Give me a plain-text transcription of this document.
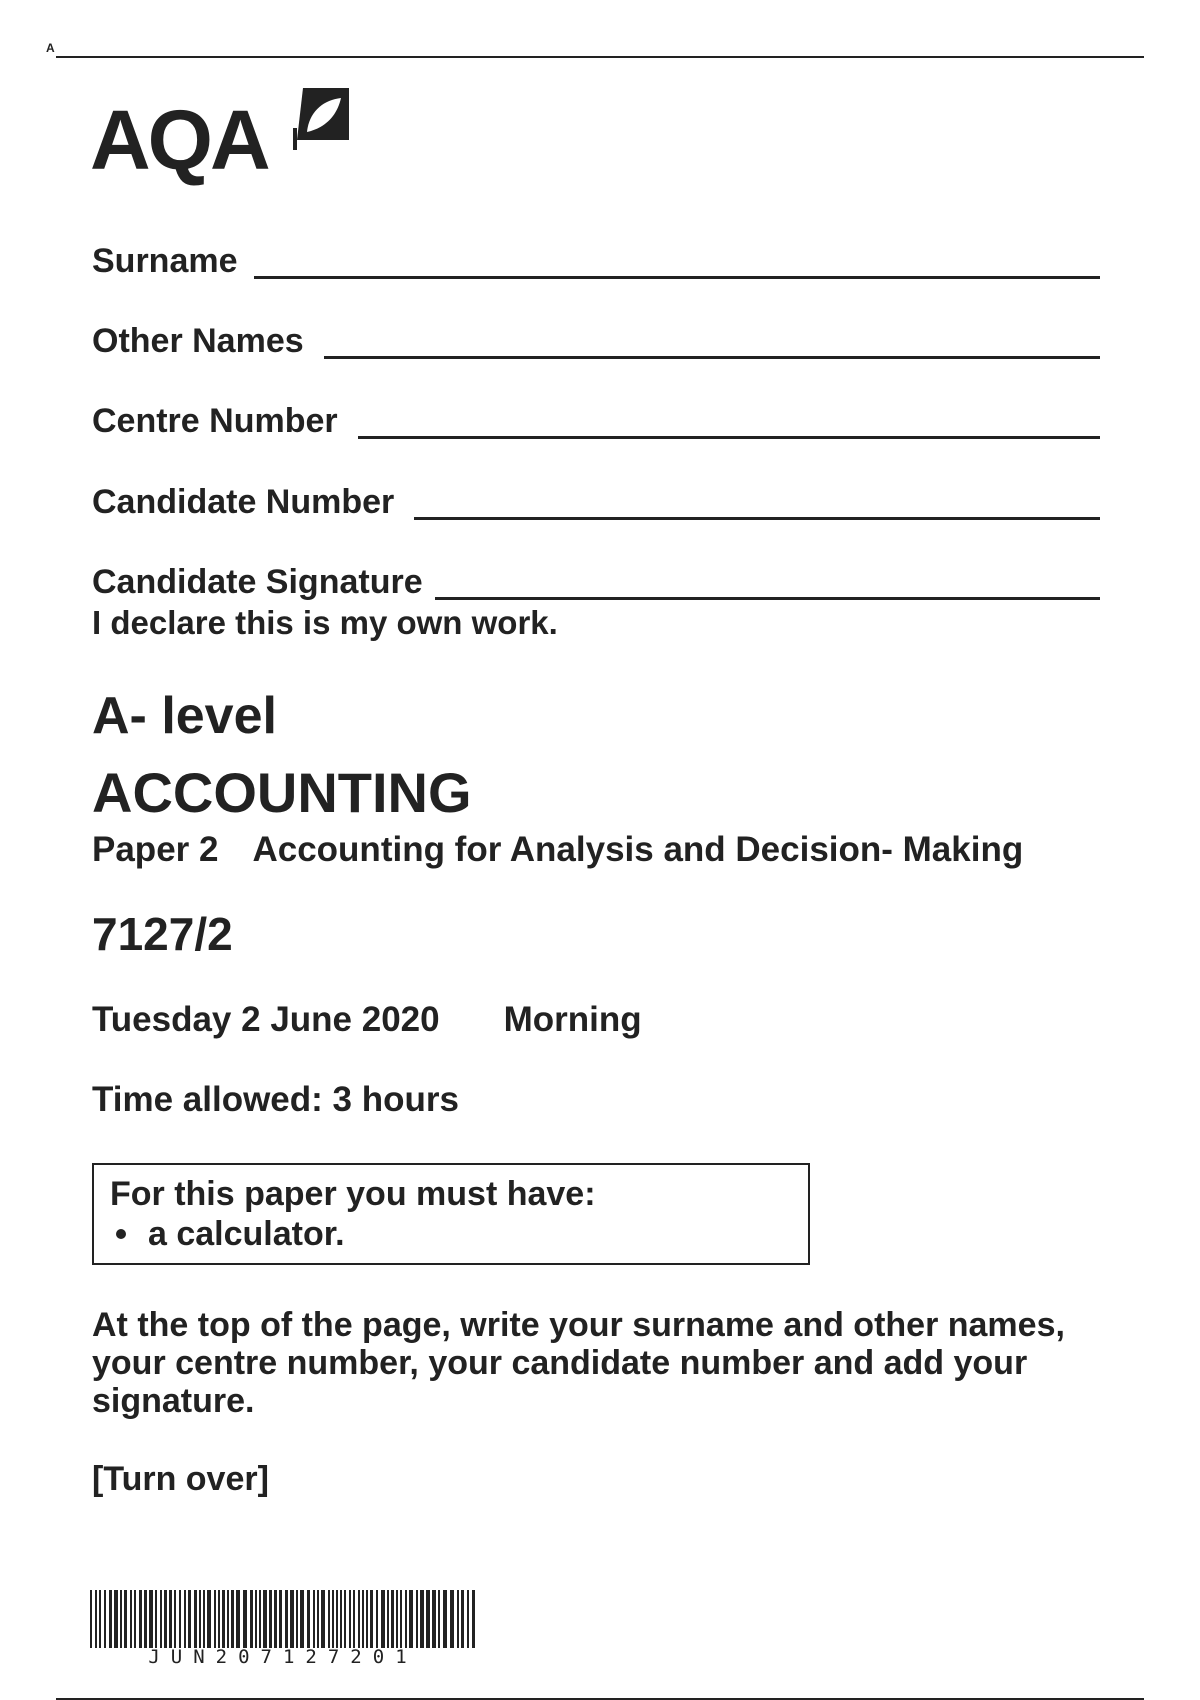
A
AQA
Surname
Other Names
Centre Number
Candidate Number
Candidate Signature
I declare this is my own work.
A- level
ACCOUNTING
Paper 2 Accounting for Analysis and Decision- Making
7127/2
Tuesday 2 June 2020 Morning
Time allowed: 3 hours
For this paper you must have:
a calculator.
At the top of the page, write your surname and other names, your centre number, your candidate number and add your signature.
[Turn over]
JUN207127201
